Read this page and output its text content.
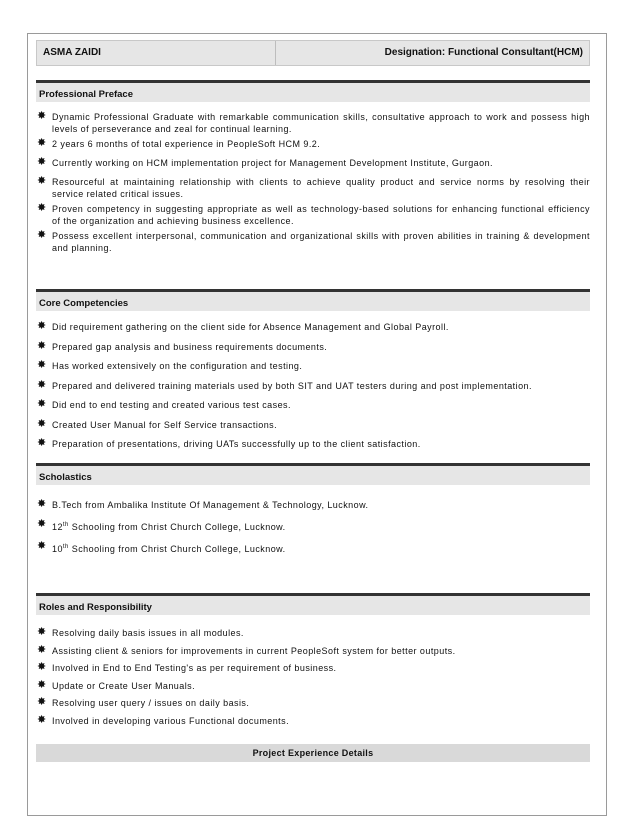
ASMA ZAIDI	Designation: Functional Consultant(HCM)
Professional Preface
✸ Dynamic Professional Graduate with remarkable communication skills, consultative approach to work and possess high levels of perseverance and zeal for continual learning.
✸ 2 years 6 months of total experience in PeopleSoft HCM 9.2.
✸ Currently working on HCM implementation project for Management Development Institute, Gurgaon.
✸ Resourceful at maintaining relationship with clients to achieve quality product and service norms by resolving their service related critical issues.
✸ Proven competency in suggesting appropriate as well as technology-based solutions for enhancing functional efficiency of the organization and achieving business excellence.
✸ Possess excellent interpersonal, communication and organizational skills with proven abilities in training & development and planning.
Core Competencies
✸ Did requirement gathering on the client side for Absence Management and Global Payroll.
✸ Prepared gap analysis and business requirements documents.
✸ Has worked extensively on the configuration and testing.
✸ Prepared and delivered training materials used by both SIT and UAT testers during and post implementation.
✸ Did end to end testing and created various test cases.
✸ Created User Manual for Self Service transactions.
✸ Preparation of presentations, driving UATs successfully up to the client satisfaction.
Scholastics
✸ B.Tech from Ambalika Institute Of Management & Technology, Lucknow.
✸ 12th Schooling from Christ Church College, Lucknow.
✸ 10th Schooling from Christ Church College, Lucknow.
Roles and Responsibility
✸ Resolving daily basis issues in all modules.
✸ Assisting client & seniors for improvements in current PeopleSoft system for better outputs.
✸ Involved in End to End Testing's as per requirement of business.
✸ Update or Create User Manuals.
✸ Resolving user query / issues on daily basis.
✸ Involved in developing various Functional documents.
Project Experience Details
